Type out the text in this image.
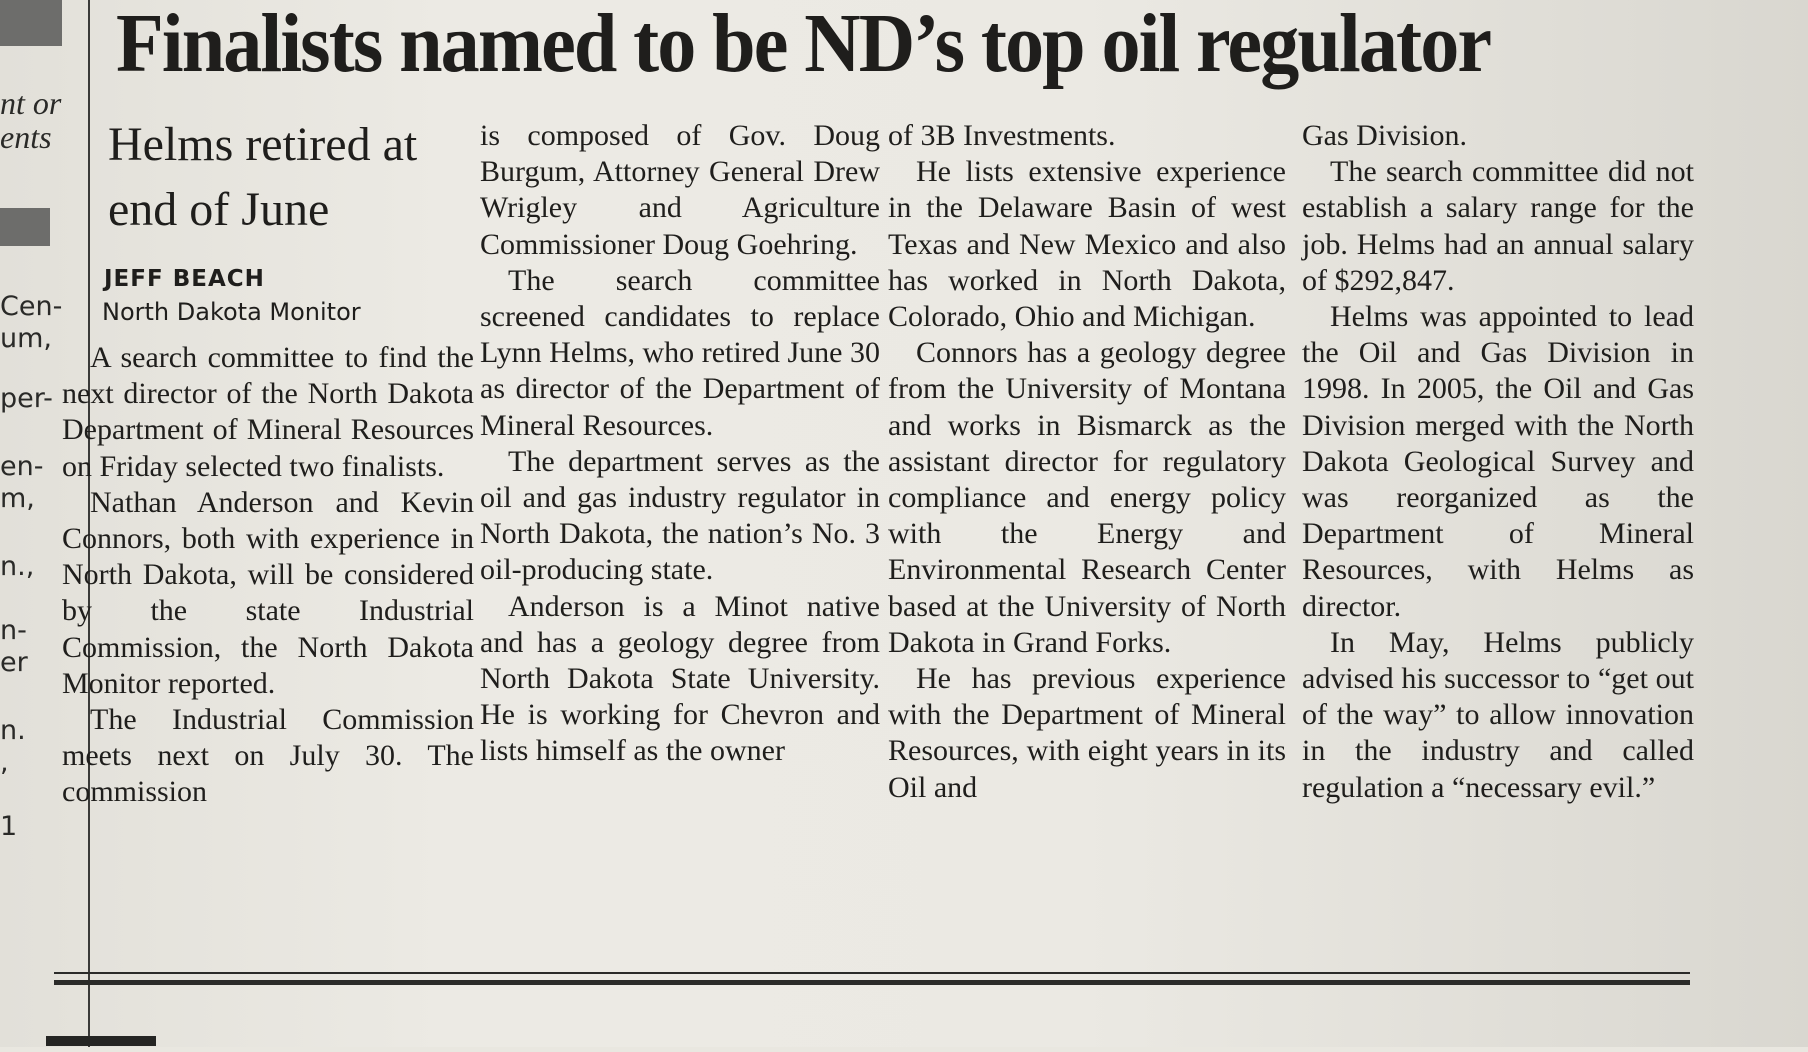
nt or
ents
Cen-
um,
per-
en-
m,
n.,
n-
er
n.
,
1
Finalists named to be ND’s top oil regulator
Helms retired at end of June
JEFF BEACH
North Dakota Monitor

A search committee to find the next director of the North Dakota Department of Mineral Resources on Friday selected two finalists.

Nathan Anderson and Kevin Connors, both with experience in North Dakota, will be considered by the state Industrial Commission, the North Dakota Monitor reported.

The Industrial Commission meets next on July 30. The commission

is composed of Gov. Doug Burgum, Attorney General Drew Wrigley and Agriculture Commissioner Doug Goehring.

The search committee screened candidates to replace Lynn Helms, who retired June 30 as director of the Department of Mineral Resources.

The department serves as the oil and gas industry regulator in North Dakota, the nation’s No. 3 oil-producing state.

Anderson is a Minot native and has a geology degree from North Dakota State University. He is working for Chevron and lists himself as the owner

of 3B Investments.

He lists extensive experience in the Delaware Basin of west Texas and New Mexico and also has worked in North Dakota, Colorado, Ohio and Michigan.

Connors has a geology degree from the University of Montana and works in Bismarck as the assistant director for regulatory compliance and energy policy with the Energy and Environmental Research Center based at the University of North Dakota in Grand Forks.

He has previous experience with the Department of Mineral Resources, with eight years in its Oil and

Gas Division.

The search committee did not establish a salary range for the job. Helms had an annual salary of $292,847.

Helms was appointed to lead the Oil and Gas Division in 1998. In 2005, the Oil and Gas Division merged with the North Dakota Geological Survey and was reorganized as the Department of Mineral Resources, with Helms as director.

In May, Helms publicly advised his successor to “get out of the way” to allow innovation in the industry and called regulation a “necessary evil.”
